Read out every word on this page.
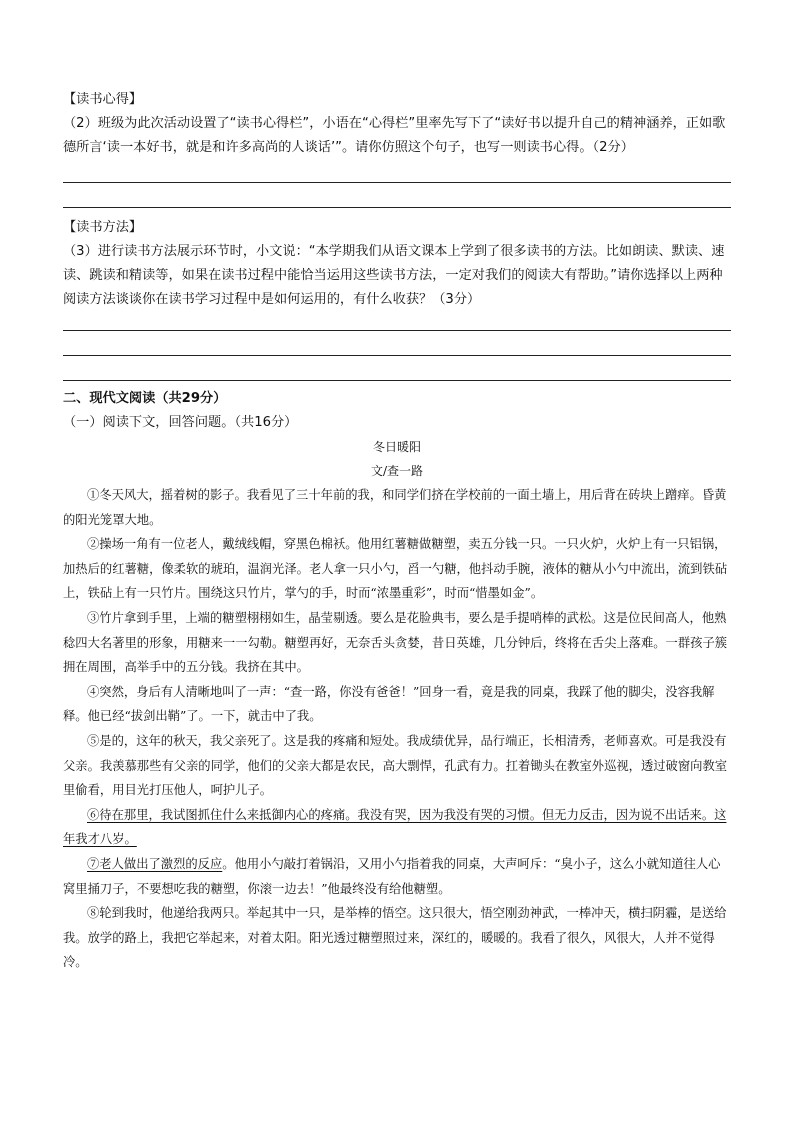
【读书心得】

（2）班级为此次活动设置了“读书心得栏”，小语在“心得栏”里率先写下了“读好书以提升自己的精神涵养，正如歌德所言‘读一本好书，就是和许多高尚的人谈话’”。请你仿照这个句子，也写一则读书心得。（2分）

【读书方法】

（3）进行读书方法展示环节时，小文说：“本学期我们从语文课本上学到了很多读书的方法。比如朗读、默读、速读、跳读和精读等，如果在读书过程中能恰当运用这些读书方法，一定对我们的阅读大有帮助。”请你选择以上两种阅读方法谈谈你在读书学习过程中是如何运用的，有什么收获？（3分）

二、现代文阅读（共29分）

（一）阅读下文，回答问题。（共16分）

冬日暖阳

文/查一路

①冬天风大，摇着树的影子。我看见了三十年前的我，和同学们挤在学校前的一面土墙上，用后背在砖块上蹭痒。昏黄的阳光笼罩大地。

②操场一角有一位老人，戴绒线帽，穿黑色棉袄。他用红薯糖做糖塑，卖五分钱一只。一只火炉，火炉上有一只铝锅，加热后的红薯糖，像柔软的琥珀，温润光泽。老人拿一只小勺，舀一勺糖，他抖动手腕，液体的糖从小勺中流出，流到铁砧上，铁砧上有一只竹片。围绕这只竹片，掌勺的手，时而“浓墨重彩”，时而“惜墨如金”。

③竹片拿到手里，上端的糖塑栩栩如生，晶莹剔透。要么是花脸典韦，要么是手提哨棒的武松。这是位民间高人，他熟稔四大名著里的形象，用糖来一一勾勒。糖塑再好，无奈舌头贪婪，昔日英雄，几分钟后，终将在舌尖上落难。一群孩子簇拥在周围，高举手中的五分钱。我挤在其中。

④突然，身后有人清晰地叫了一声：“查一路，你没有爸爸！”回身一看，竟是我的同桌，我踩了他的脚尖，没容我解释。他已经“拔剑出鞘”了。一下，就击中了我。

⑤是的，这年的秋天，我父亲死了。这是我的疼痛和短处。我成绩优异，品行端正，长相清秀，老师喜欢。可是我没有父亲。我羡慕那些有父亲的同学，他们的父亲大都是农民，高大剽悍，孔武有力。扛着锄头在教室外巡视，透过破窗向教室里偷看，用目光打压他人，呵护儿子。

⑥待在那里，我试图抓住什么来抵御内心的疼痛。我没有哭，因为我没有哭的习惯。但无力反击，因为说不出话来。这年我才八岁。

⑦老人做出了激烈的反应。他用小勺敲打着锅沿，又用小勺指着我的同桌，大声呵斥：“臭小子，这么小就知道往人心窝里捅刀子，不要想吃我的糖塑，你滚一边去！”他最终没有给他糖塑。

⑧轮到我时，他递给我两只。举起其中一只，是举棒的悟空。这只很大，悟空刚劲神武，一棒冲天，横扫阴霾，是送给我。放学的路上，我把它举起来，对着太阳。阳光透过糖塑照过来，深红的，暖暖的。我看了很久，风很大，人并不觉得冷。
